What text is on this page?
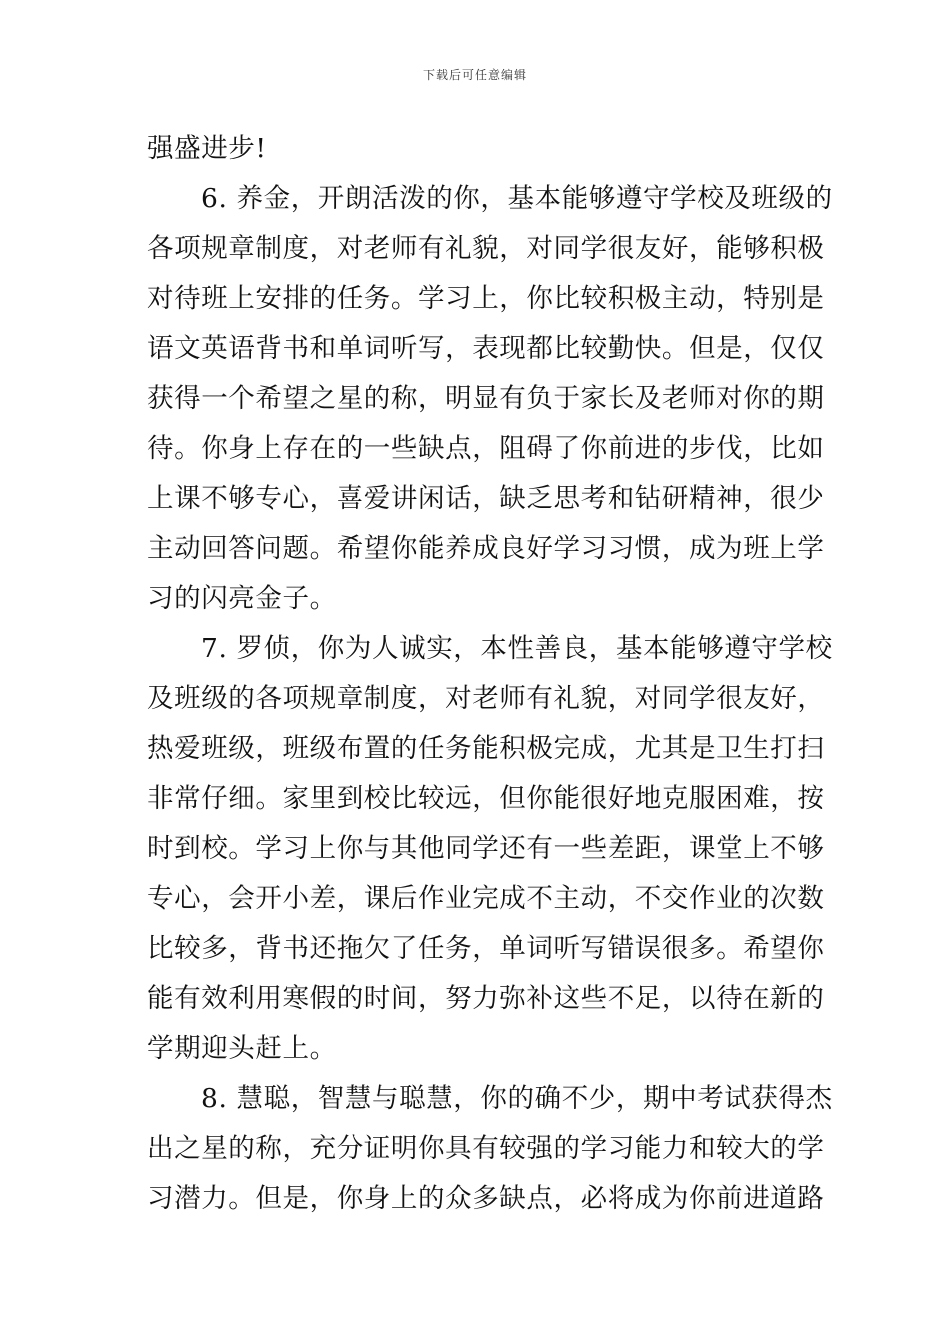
下载后可任意编辑
强盛进步!
6. 养金，开朗活泼的你，基本能够遵守学校及班级的
各项规章制度，对老师有礼貌，对同学很友好，能够积极
对待班上安排的任务。学习上，你比较积极主动，特别是
语文英语背书和单词听写，表现都比较勤快。但是，仅仅
获得一个希望之星的称，明显有负于家长及老师对你的期
待。你身上存在的一些缺点，阻碍了你前进的步伐，比如
上课不够专心，喜爱讲闲话，缺乏思考和钻研精神，很少
主动回答问题。希望你能养成良好学习习惯，成为班上学
习的闪亮金子。
7. 罗侦，你为人诚实，本性善良，基本能够遵守学校
及班级的各项规章制度，对老师有礼貌，对同学很友好，
热爱班级，班级布置的任务能积极完成，尤其是卫生打扫
非常仔细。家里到校比较远，但你能很好地克服困难，按
时到校。学习上你与其他同学还有一些差距，课堂上不够
专心，会开小差，课后作业完成不主动，不交作业的次数
比较多，背书还拖欠了任务，单词听写错误很多。希望你
能有效利用寒假的时间，努力弥补这些不足，以待在新的
学期迎头赶上。
8. 慧聪，智慧与聪慧，你的确不少，期中考试获得杰
出之星的称，充分证明你具有较强的学习能力和较大的学
习潜力。但是，你身上的众多缺点，必将成为你前进道路
